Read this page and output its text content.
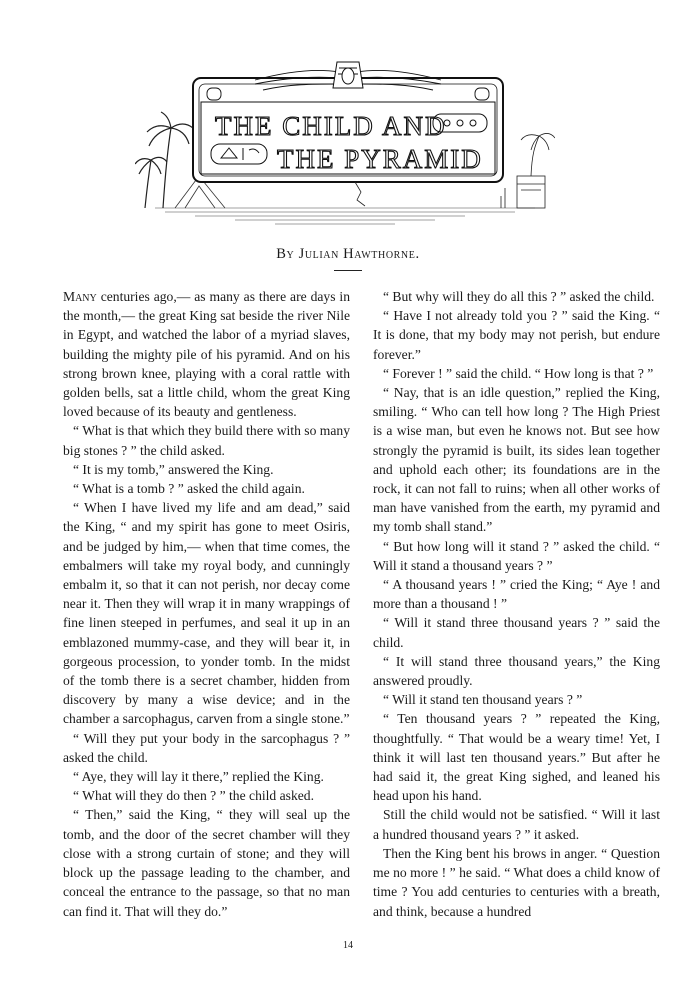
THE CHILD AND
THE PYRAMID
By Julian Hawthorne.

Many centuries ago,— as many as there are days in the month,— the great King sat beside the river Nile in Egypt, and watched the labor of a myriad slaves, building the mighty pile of his pyramid. And on his strong brown knee, playing with a coral rattle with golden bells, sat a little child, whom the great King loved because of its beauty and gentleness.

“ What is that which they build there with so many big stones ? ” the child asked.

“ It is my tomb,” answered the King.

“ What is a tomb ? ” asked the child again.

“ When I have lived my life and am dead,” said the King, “ and my spirit has gone to meet Osiris, and be judged by him,— when that time comes, the embalmers will take my royal body, and cunningly embalm it, so that it can not perish, nor decay come near it. Then they will wrap it in many wrappings of fine linen steeped in perfumes, and seal it up in an emblazoned mummy-case, and they will bear it, in gorgeous procession, to yonder tomb. In the midst of the tomb there is a secret chamber, hidden from discovery by many a wise device; and in the chamber a sarcophagus, carven from a single stone.”

“ Will they put your body in the sarcophagus ? ” asked the child.

“ Aye, they will lay it there,” replied the King.

“ What will they do then ? ” the child asked.

“ Then,” said the King, “ they will seal up the tomb, and the door of the secret chamber will they close with a strong curtain of stone; and they will block up the passage leading to the chamber, and conceal the entrance to the passage, so that no man can find it. That will they do.”

“ But why will they do all this ? ” asked the child.

“ Have I not already told you ? ” said the King. “ It is done, that my body may not perish, but endure forever.”

“ Forever ! ” said the child. “ How long is that ? ”

“ Nay, that is an idle question,” replied the King, smiling. “ Who can tell how long ? The High Priest is a wise man, but even he knows not. But see how strongly the pyramid is built, its sides lean together and uphold each other; its foundations are in the rock, it can not fall to ruins; when all other works of man have vanished from the earth, my pyramid and my tomb shall stand.”

“ But how long will it stand ? ” asked the child. “ Will it stand a thousand years ? ”

“ A thousand years ! ” cried the King; “ Aye ! and more than a thousand ! ”

“ Will it stand three thousand years ? ” said the child.

“ It will stand three thousand years,” the King answered proudly.

“ Will it stand ten thousand years ? ”

“ Ten thousand years ? ” repeated the King, thoughtfully. “ That would be a weary time! Yet, I think it will last ten thousand years.” But after he had said it, the great King sighed, and leaned his head upon his hand.

Still the child would not be satisfied. “ Will it last a hundred thousand years ? ” it asked.

Then the King bent his brows in anger. “ Question me no more ! ” he said. “ What does a child know of time ? You add centuries to centuries with a breath, and think, because a hundred

14
